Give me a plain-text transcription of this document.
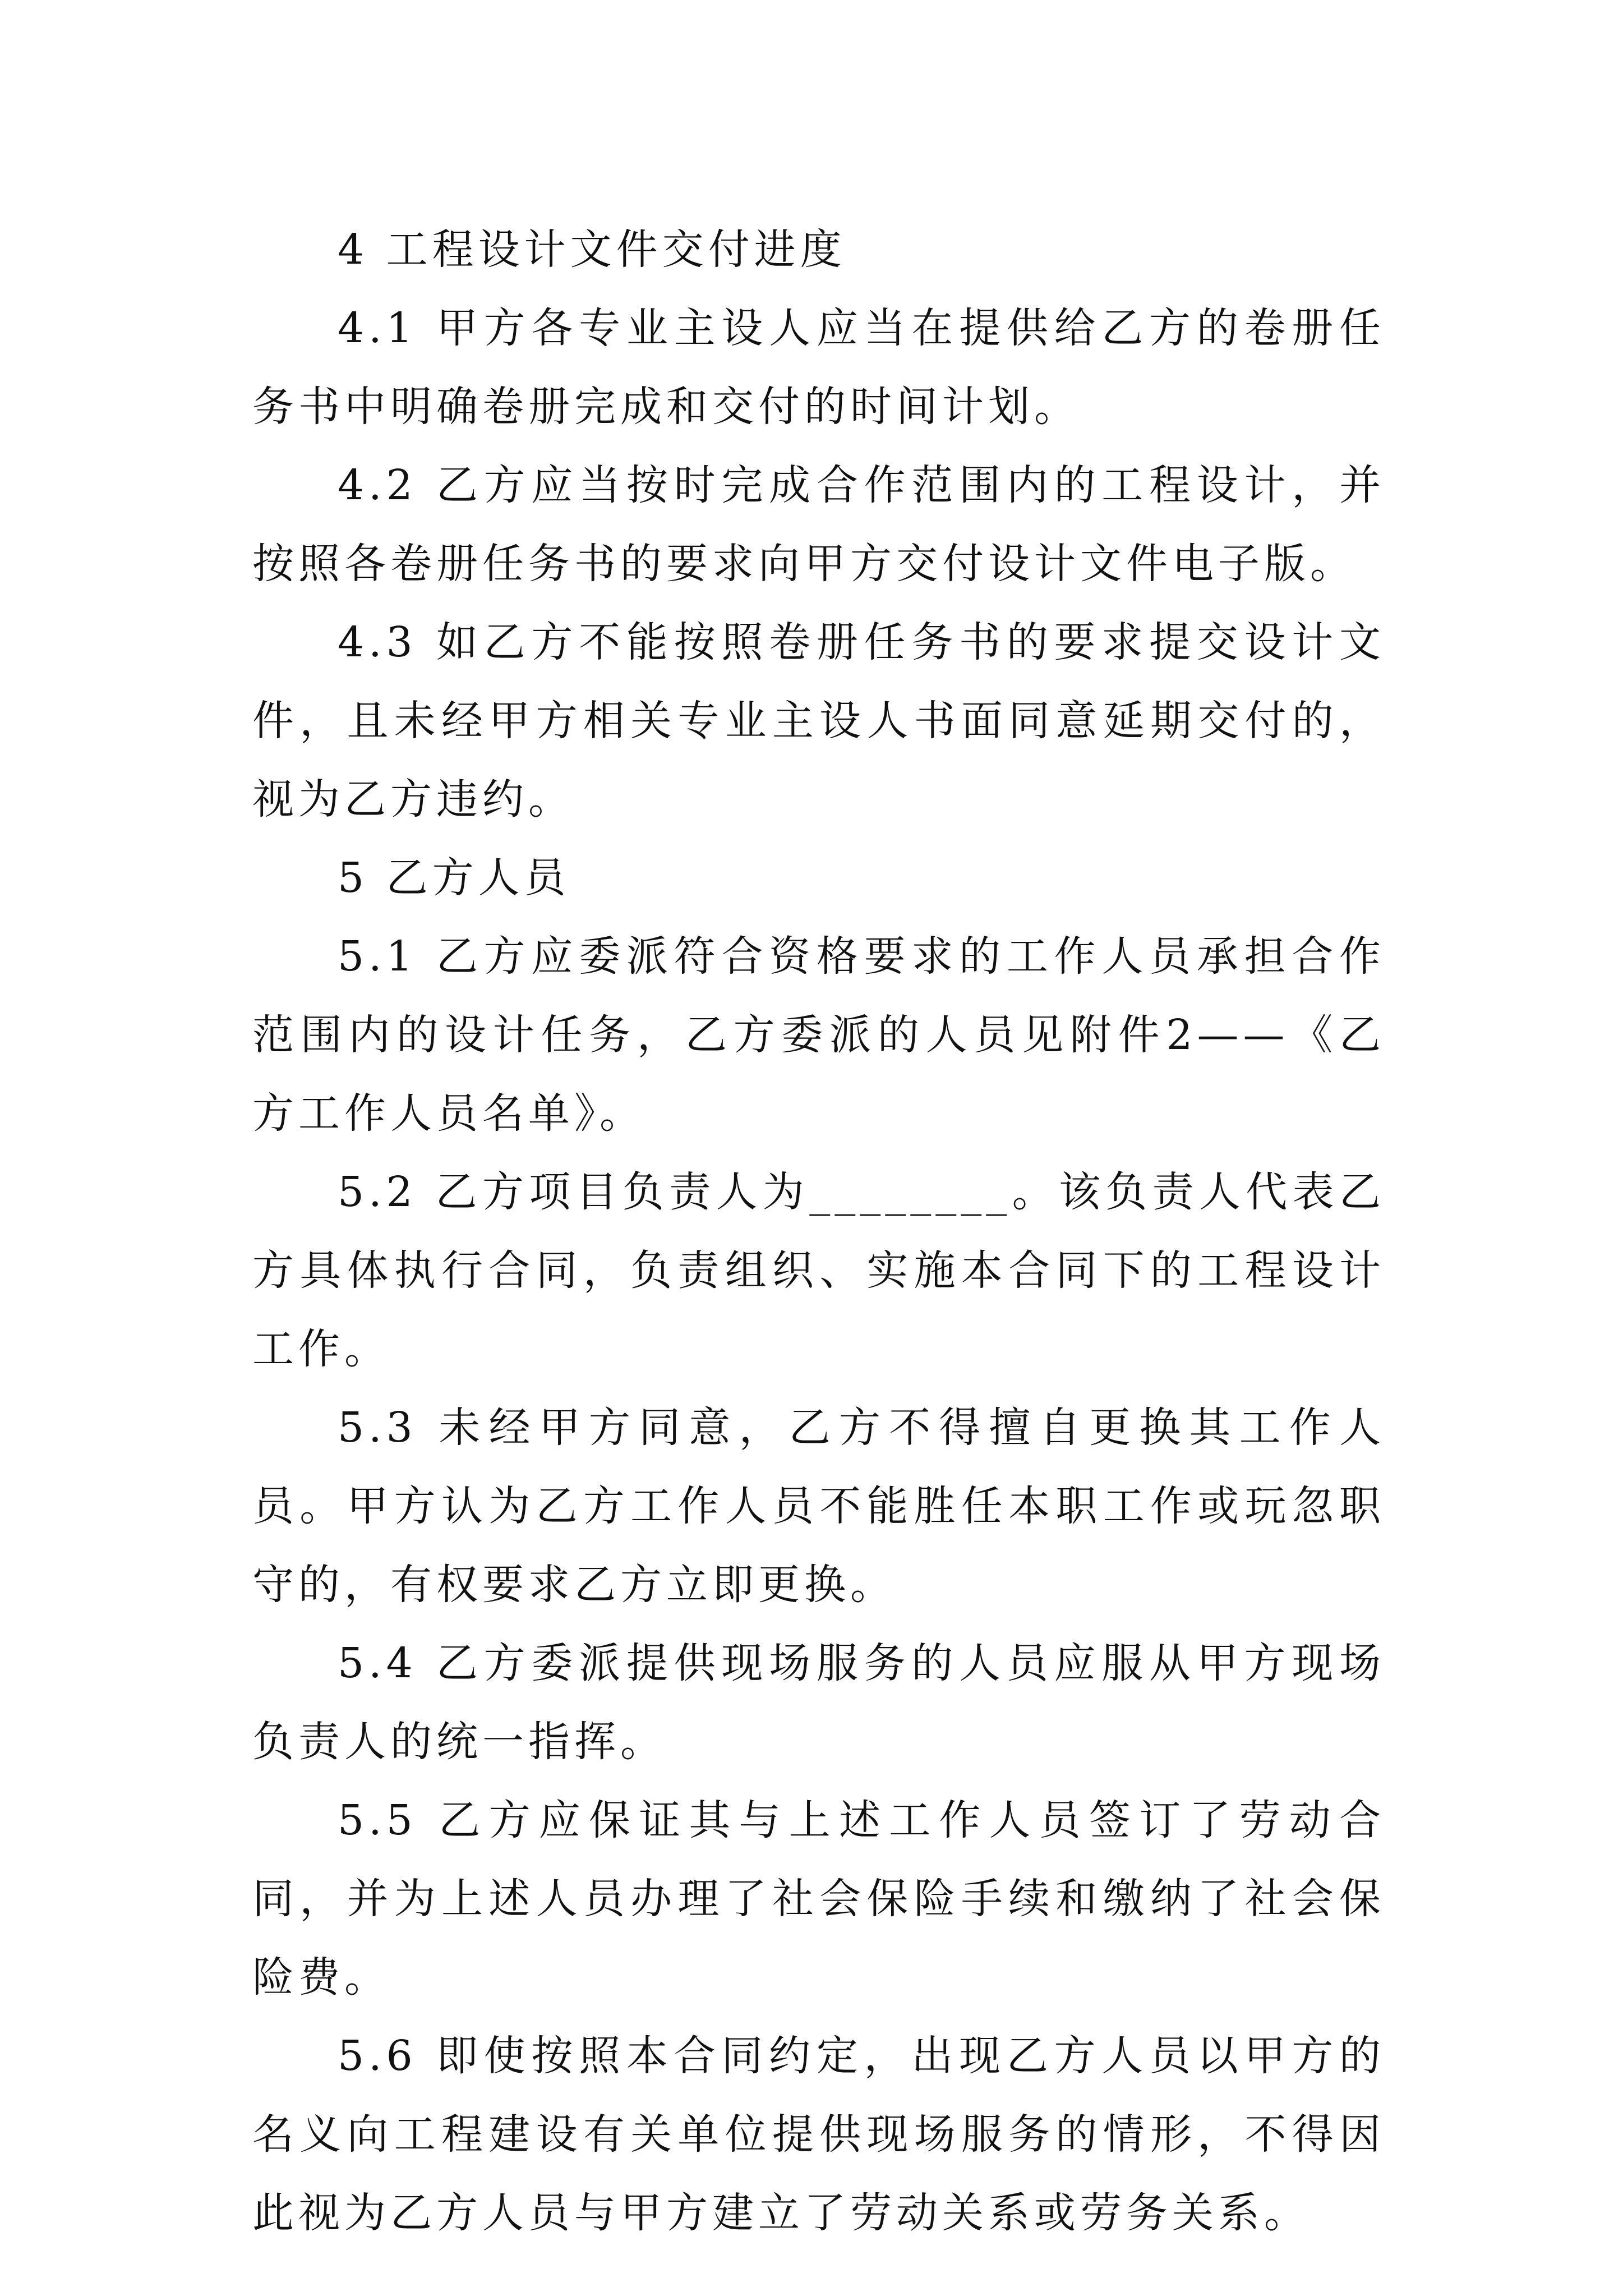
4 工程设计文件交付进度

4.1 甲方各专业主设人应当在提供给乙方的卷册任务书中明确卷册完成和交付的时间计划。

4.2 乙方应当按时完成合作范围内的工程设计，并按照各卷册任务书的要求向甲方交付设计文件电子版。

4.3 如乙方不能按照卷册任务书的要求提交设计文件，且未经甲方相关专业主设人书面同意延期交付的，视为乙方违约。

5 乙方人员

5.1 乙方应委派符合资格要求的工作人员承担合作范围内的设计任务，乙方委派的人员见附件2——《乙方工作人员名单》。

5.2 乙方项目负责人为________。该负责人代表乙方具体执行合同，负责组织、实施本合同下的工程设计工作。

5.3 未经甲方同意，乙方不得擅自更换其工作人员。甲方认为乙方工作人员不能胜任本职工作或玩忽职守的，有权要求乙方立即更换。

5.4 乙方委派提供现场服务的人员应服从甲方现场负责人的统一指挥。

5.5 乙方应保证其与上述工作人员签订了劳动合同，并为上述人员办理了社会保险手续和缴纳了社会保险费。

5.6 即使按照本合同约定，出现乙方人员以甲方的名义向工程建设有关单位提供现场服务的情形，不得因此视为乙方人员与甲方建立了劳动关系或劳务关系。
